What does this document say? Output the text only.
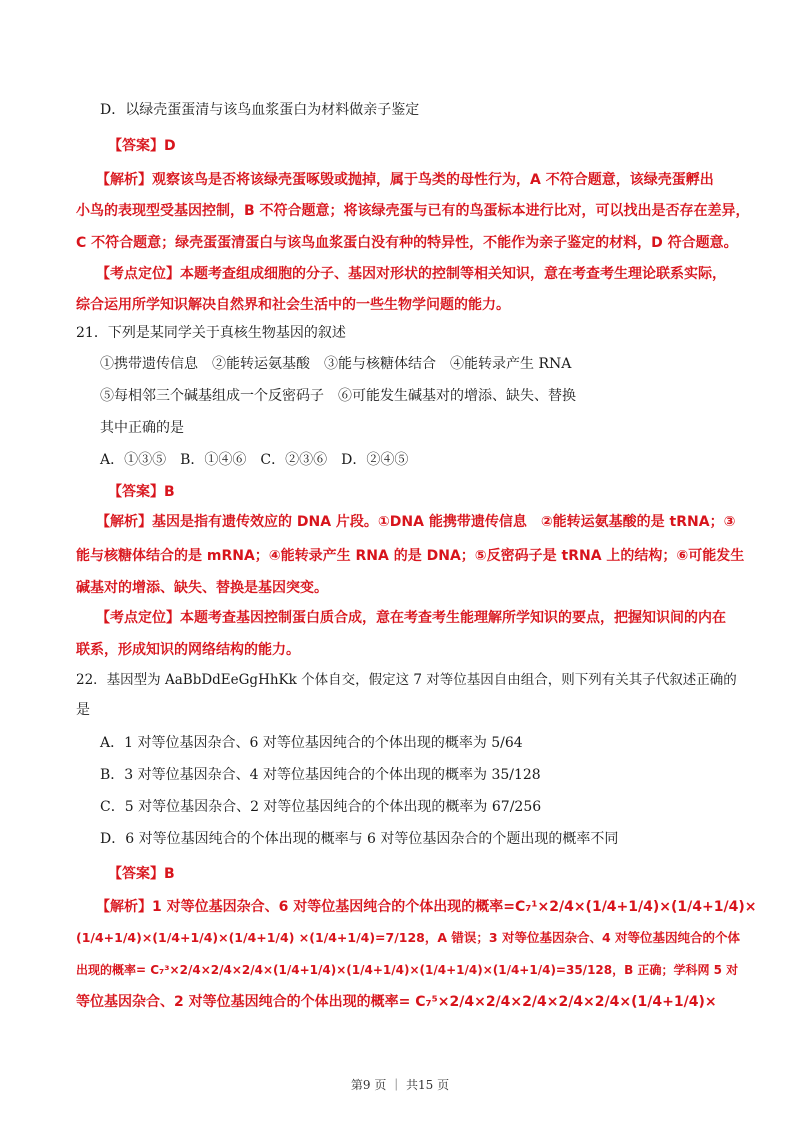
D．以绿壳蛋蛋清与该鸟血浆蛋白为材料做亲子鉴定
【答案】D
【解析】观察该鸟是否将该绿壳蛋啄毁或抛掉，属于鸟类的母性行为，A 不符合题意，该绿壳蛋孵出
小鸟的表现型受基因控制，B 不符合题意；将该绿壳蛋与已有的鸟蛋标本进行比对，可以找出是否存在差异，
C 不符合题意；绿壳蛋蛋清蛋白与该鸟血浆蛋白没有种的特异性，不能作为亲子鉴定的材料，D 符合题意。
【考点定位】本题考查组成细胞的分子、基因对形状的控制等相关知识，意在考查考生理论联系实际，
综合运用所学知识解决自然界和社会生活中的一些生物学问题的能力。
21．下列是某同学关于真核生物基因的叙述
①携带遗传信息　②能转运氨基酸　③能与核糖体结合　④能转录产生 RNA
⑤每相邻三个碱基组成一个反密码子　⑥可能发生碱基对的增添、缺失、替换
其中正确的是
A．①③⑤　B．①④⑥　C．②③⑥　D．②④⑤
【答案】B
【解析】基因是指有遗传效应的 DNA 片段。①DNA 能携带遗传信息　②能转运氨基酸的是 tRNA；③
能与核糖体结合的是 mRNA；④能转录产生 RNA 的是 DNA；⑤反密码子是 tRNA 上的结构；⑥可能发生
碱基对的增添、缺失、替换是基因突变。
【考点定位】本题考查基因控制蛋白质合成，意在考查考生能理解所学知识的要点，把握知识间的内在
联系，形成知识的网络结构的能力。
22．基因型为 AaBbDdEeGgHhKk 个体自交，假定这 7 对等位基因自由组合，则下列有关其子代叙述正确的
是
A．1 对等位基因杂合、6 对等位基因纯合的个体出现的概率为 5/64
B．3 对等位基因杂合、4 对等位基因纯合的个体出现的概率为 35/128
C．5 对等位基因杂合、2 对等位基因纯合的个体出现的概率为 67/256
D．6 对等位基因纯合的个体出现的概率与 6 对等位基因杂合的个题出现的概率不同
【答案】B
【解析】1 对等位基因杂合、6 对等位基因纯合的个体出现的概率=C₇¹×2/4×(1/4+1/4)×(1/4+1/4)×
(1/4+1/4)×(1/4+1/4)×(1/4+1/4) ×(1/4+1/4)=7/128，A 错误；3 对等位基因杂合、4 对等位基因纯合的个体
出现的概率= C₇³×2/4×2/4×2/4×(1/4+1/4)×(1/4+1/4)×(1/4+1/4)×(1/4+1/4)=35/128，B 正确；学科网 5 对
等位基因杂合、2 对等位基因纯合的个体出现的概率= C₇⁵×2/4×2/4×2/4×2/4×2/4×(1/4+1/4)×
第9 页 ｜ 共15 页
